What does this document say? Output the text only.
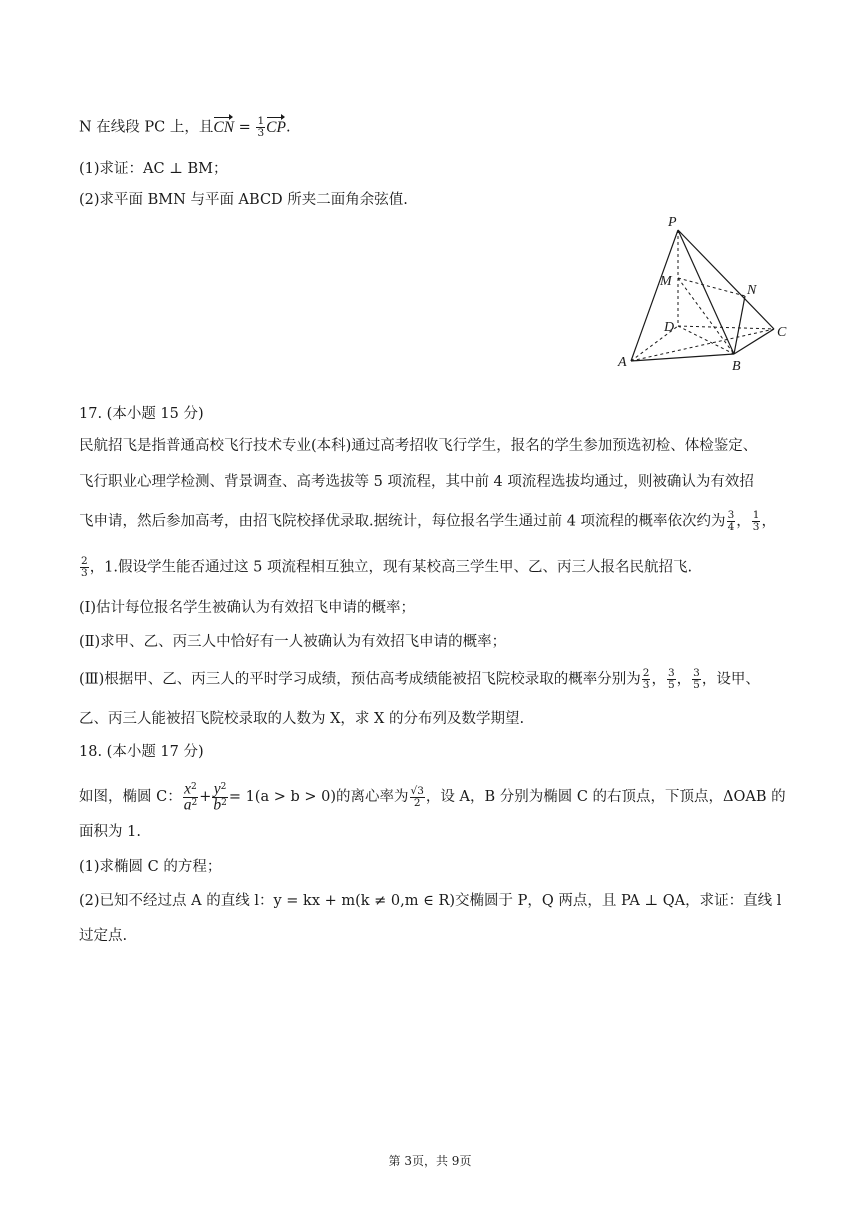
N 在线段 PC 上，且CN = $\frac{1}{3}$ CP.
(1)求证：AC ⊥ BM；
(2)求平面 BMN 与平面 ABCD 所夹二面角余弦值.
P
M
N
D	C
A	B
17. (本小题 15 分)
民航招飞是指普通高校飞行技术专业(本科)通过高考招收飞行学生，报名的学生参加预选初检、体检鉴定、
飞行职业心理学检测、背景调查、高考选拔等 5 项流程，其中前 4 项流程选拔均通过，则被确认为有效招
飞申请，然后参加高考，由招飞院校择优录取.据统计，每位报名学生通过前 4 项流程的概率依次约为 $\frac{3}{4}$ ， $\frac{1}{3}$ ，
$\frac{2}{3}$ ，1.假设学生能否通过这 5 项流程相互独立，现有某校高三学生甲、乙、丙三人报名民航招飞.
(Ⅰ)估计每位报名学生被确认为有效招飞申请的概率；
(Ⅱ)求甲、乙、丙三人中恰好有一人被确认为有效招飞申请的概率；
(Ⅲ)根据甲、乙、丙三人的平时学习成绩，预估高考成绩能被招飞院校录取的概率分别为 $\frac{2}{3}$ ， $\frac{3}{5}$ ， $\frac{3}{5}$ ，设甲、
乙、丙三人能被招飞院校录取的人数为 X，求 X 的分布列及数学期望.
18. (本小题 17 分)
如图，椭圆 C： $\frac{x^2}{a^2} + \frac{y^2}{b^2} = 1(a > b > 0)$的离心率为 $\frac{√3}{2}$ ，设 A，B 分别为椭圆 C 的右顶点，下顶点，ΔOAB 的
面积为 1.
(1)求椭圆 C 的方程；
(2)已知不经过点 A 的直线 l：y = kx + m(k ≠ 0,m ∈ R)交椭圆于 P，Q 两点，且 PA ⊥ QA，求证：直线 l
过定点.
第 3页，共 9页
